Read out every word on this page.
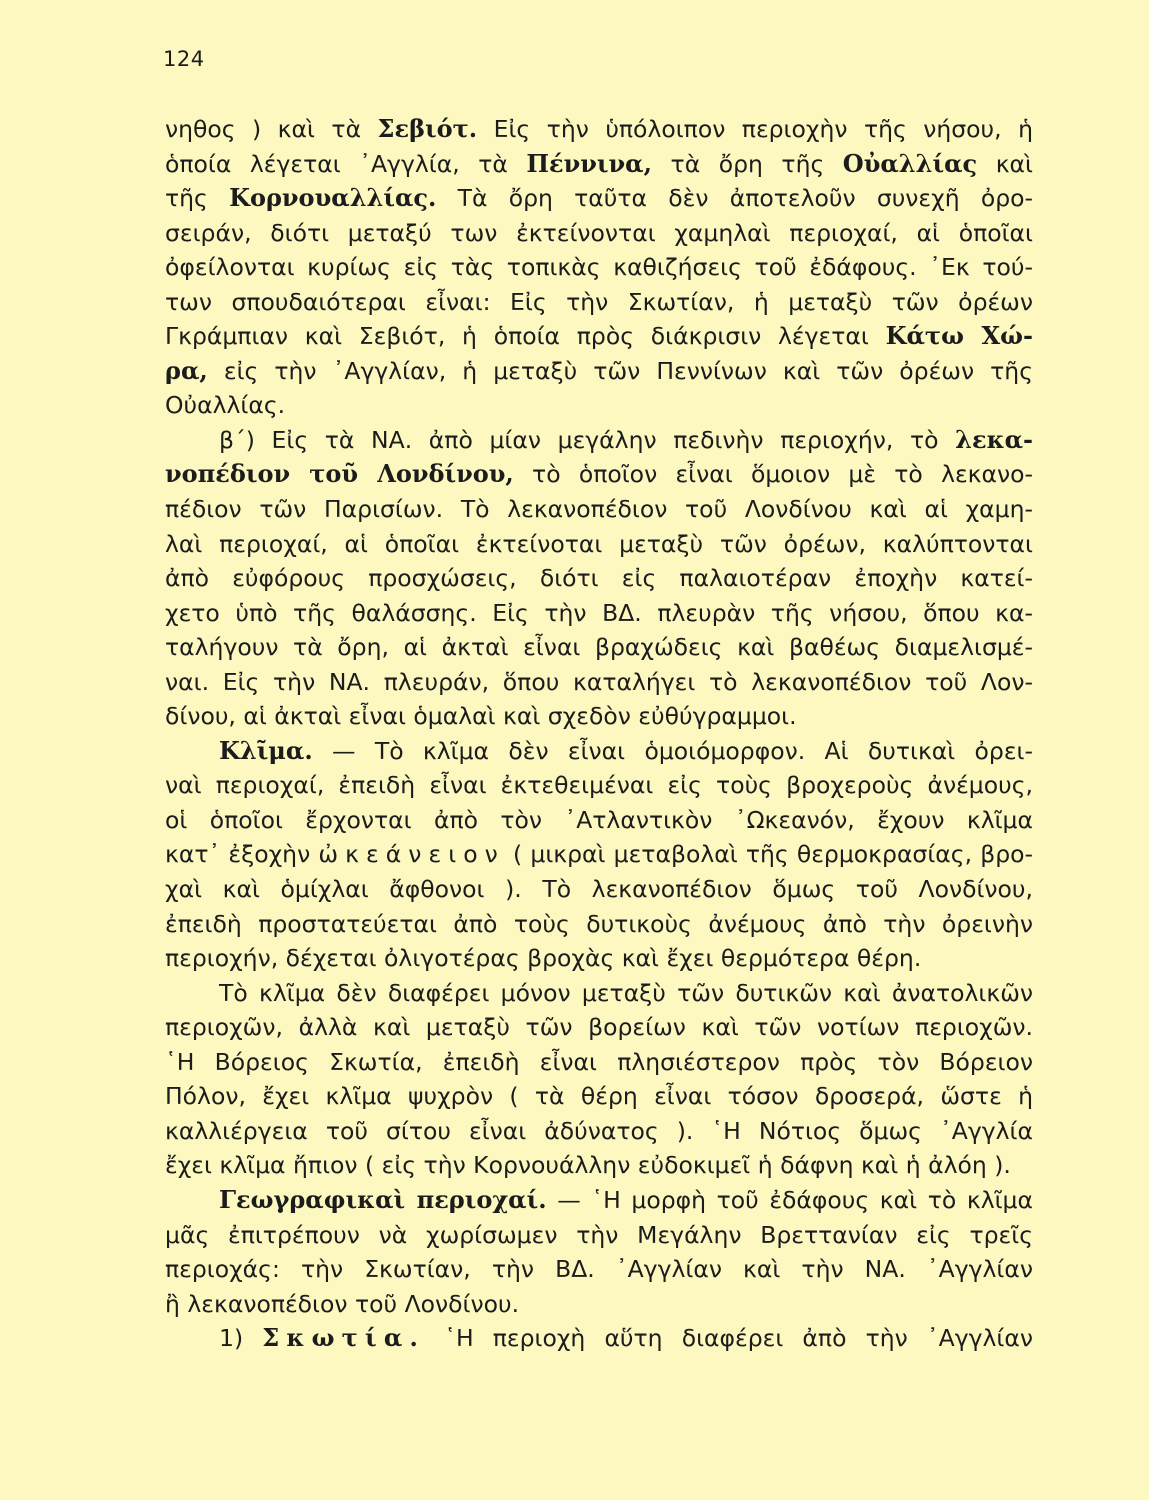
124
νηθος ) καὶ τὰ Σεβιότ. Εἰς τὴν ὑπόλοιπον περιοχὴν τῆς νήσου, ἡ
ὁποία λέγεται ᾿Αγγλία, τὰ Πέννινα, τὰ ὄρη τῆς Οὐαλλίας καὶ
τῆς Κορνουαλλίας. Τὰ ὄρη ταῦτα δὲν ἀποτελοῦν συνεχῆ ὀρο-
σειράν, διότι μεταξύ των ἐκτείνονται χαμηλαὶ περιοχαί, αἱ ὁποῖαι
ὀφείλονται κυρίως εἰς τὰς τοπικὰς καθιζήσεις τοῦ ἐδάφους. ᾿Εκ τού-
των σπουδαιότεραι εἶναι: Εἰς τὴν Σκωτίαν, ἡ μεταξὺ τῶν ὀρέων
Γκράμπιαν καὶ Σεβιότ, ἡ ὁποία πρὸς διάκρισιν λέγεται Κάτω Χώ-
ρα, εἰς τὴν ᾿Αγγλίαν, ἡ μεταξὺ τῶν Πεννίνων καὶ τῶν ὀρέων τῆς
Οὐαλλίας.
β΄) Εἰς τὰ ΝΑ. ἀπὸ μίαν μεγάλην πεδινὴν περιοχήν, τὸ λεκα-
νοπέδιον τοῦ Λονδίνου, τὸ ὁποῖον εἶναι ὅμοιον μὲ τὸ λεκανο-
πέδιον τῶν Παρισίων. Τὸ λεκανοπέδιον τοῦ Λονδίνου καὶ αἱ χαμη-
λαὶ περιοχαί, αἱ ὁποῖαι ἐκτείνοται μεταξὺ τῶν ὀρέων, καλύπτονται
ἀπὸ εὐφόρους προσχώσεις, διότι εἰς παλαιοτέραν ἐποχὴν κατεί-
χετο ὑπὸ τῆς θαλάσσης. Εἰς τὴν ΒΔ. πλευρὰν τῆς νήσου, ὅπου κα-
ταλήγουν τὰ ὄρη, αἱ ἀκταὶ εἶναι βραχώδεις καὶ βαθέως διαμελισμέ-
ναι. Εἰς τὴν ΝΑ. πλευράν, ὅπου καταλήγει τὸ λεκανοπέδιον τοῦ Λον-
δίνου, αἱ ἀκταὶ εἶναι ὁμαλαὶ καὶ σχεδὸν εὐθύγραμμοι.
Κλῖμα. — Τὸ κλῖμα δὲν εἶναι ὁμοιόμορφον. Αἱ δυτικαὶ ὀρει-
ναὶ περιοχαί, ἐπειδὴ εἶναι ἐκτεθειμέναι εἰς τοὺς βροχεροὺς ἀνέμους,
οἱ ὁποῖοι ἔρχονται ἀπὸ τὸν ᾿Ατλαντικὸν ᾿Ωκεανόν, ἔχουν κλῖμα
κατ᾿ ἐξοχὴν ὠκεάνειον ( μικραὶ μεταβολαὶ τῆς θερμοκρασίας, βρο-
χαὶ καὶ ὁμίχλαι ἄφθονοι ). Τὸ λεκανοπέδιον ὅμως τοῦ Λονδίνου,
ἐπειδὴ προστατεύεται ἀπὸ τοὺς δυτικοὺς ἀνέμους ἀπὸ τὴν ὀρεινὴν
περιοχήν, δέχεται ὀλιγοτέρας βροχὰς καὶ ἔχει θερμότερα θέρη.
Τὸ κλῖμα δὲν διαφέρει μόνον μεταξὺ τῶν δυτικῶν καὶ ἀνατολικῶν
περιοχῶν, ἀλλὰ καὶ μεταξὺ τῶν βορείων καὶ τῶν νοτίων περιοχῶν.
῾Η Βόρειος Σκωτία, ἐπειδὴ εἶναι πλησιέστερον πρὸς τὸν Βόρειον
Πόλον, ἔχει κλῖμα ψυχρὸν ( τὰ θέρη εἶναι τόσον δροσερά, ὥστε ἡ
καλλιέργεια τοῦ σίτου εἶναι ἀδύνατος ). ῾Η Νότιος ὅμως ᾿Αγγλία
ἔχει κλῖμα ἤπιον ( εἰς τὴν Κορνουάλλην εὐδοκιμεῖ ἡ δάφνη καὶ ἡ ἀλόη ).
Γεωγραφικαὶ περιοχαί. — ῾Η μορφὴ τοῦ ἐδάφους καὶ τὸ κλῖμα
μᾶς ἐπιτρέπουν νὰ χωρίσωμεν τὴν Μεγάλην Βρεττανίαν εἰς τρεῖς
περιοχάς: τὴν Σκωτίαν, τὴν ΒΔ. ᾿Αγγλίαν καὶ τὴν ΝΑ. ᾿Αγγλίαν
ἢ λεκανοπέδιον τοῦ Λονδίνου.
1) Σκωτία. ῾Η περιοχὴ αὕτη διαφέρει ἀπὸ τὴν ᾿Αγγλίαν
